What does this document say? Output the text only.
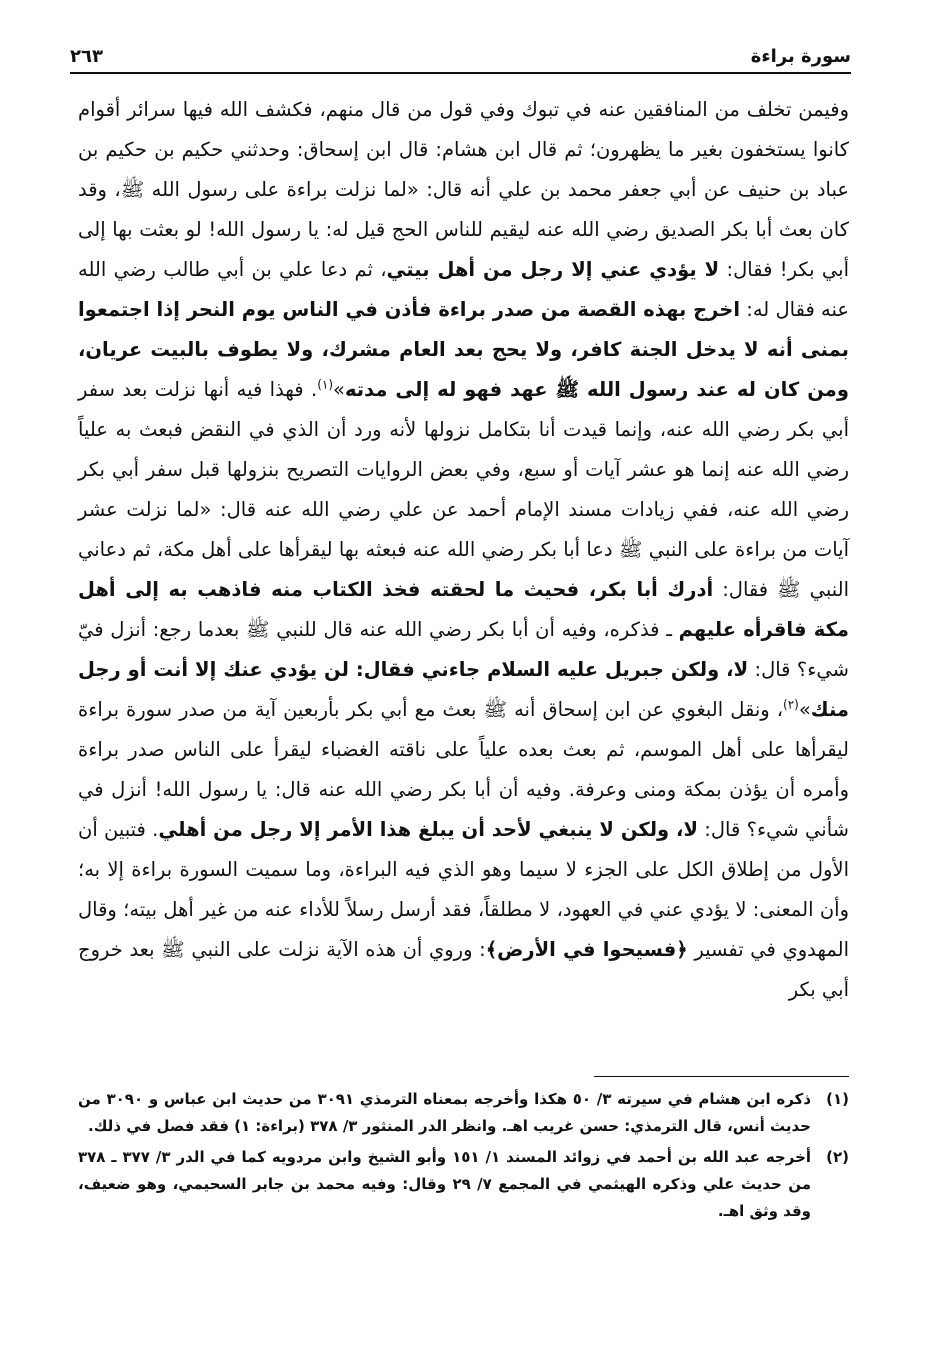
سورة براءة
٢٦٣
وفيمن تخلف من المنافقين عنه في تبوك وفي قول من قال منهم، فكشف الله فيها سرائر أقوام كانوا يستخفون بغير ما يظهرون؛ ثم قال ابن هشام: قال ابن إسحاق: وحدثني حكيم بن حكيم بن عباد بن حنيف عن أبي جعفر محمد بن علي أنه قال: «لما نزلت براءة على رسول الله ﷺ، وقد كان بعث أبا بكر الصديق رضي الله عنه ليقيم للناس الحج قيل له: يا رسول الله! لو بعثت بها إلى أبي بكر! فقال: لا يؤدي عني إلا رجل من أهل بيتي، ثم دعا علي بن أبي طالب رضي الله عنه فقال له: اخرج بهذه القصة من صدر براءة فأذن في الناس يوم النحر إذا اجتمعوا بمنى أنه لا يدخل الجنة كافر، ولا يحج بعد العام مشرك، ولا يطوف بالبيت عريان، ومن كان له عند رسول الله ﷺ عهد فهو له إلى مدته»$^{(١)}$. فهذا فيه أنها نزلت بعد سفر أبي بكر رضي الله عنه، وإنما قيدت أنا بتكامل نزولها لأنه ورد أن الذي في النقض فبعث به علياً رضي الله عنه إنما هو عشر آيات أو سبع، وفي بعض الروايات التصريح بنزولها قبل سفر أبي بكر رضي الله عنه، ففي زيادات مسند الإمام أحمد عن علي رضي الله عنه قال: «لما نزلت عشر آيات من براءة على النبي ﷺ دعا أبا بكر رضي الله عنه فبعثه بها ليقرأها على أهل مكة، ثم دعاني النبي ﷺ فقال: أدرك أبا بكر، فحيث ما لحقته فخذ الكتاب منه فاذهب به إلى أهل مكة فاقرأه عليهم ـ فذكره، وفيه أن أبا بكر رضي الله عنه قال للنبي ﷺ بعدما رجع: أنزل فيّ شيء؟ قال: لا، ولكن جبريل عليه السلام جاءني فقال: لن يؤدي عنك إلا أنت أو رجل منك»$^{(٢)}$، ونقل البغوي عن ابن إسحاق أنه ﷺ بعث مع أبي بكر بأربعين آية من صدر سورة براءة ليقرأها على أهل الموسم، ثم بعث بعده علياً على ناقته الغضباء ليقرأ على الناس صدر براءة وأمره أن يؤذن بمكة ومنى وعرفة. وفيه أن أبا بكر رضي الله عنه قال: يا رسول الله! أنزل في شأني شيء؟ قال: لا، ولكن لا ينبغي لأحد أن يبلغ هذا الأمر إلا رجل من أهلي. فتبين أن الأول من إطلاق الكل على الجزء لا سيما وهو الذي فيه البراءة، وما سميت السورة براءة إلا به؛ وأن المعنى: لا يؤدي عني في العهود، لا مطلقاً، فقد أرسل رسلاً للأداء عنه من غير أهل بيته؛ وقال المهدوي في تفسير ﴿فسيحوا في الأرض﴾: وروي أن هذه الآية نزلت على النبي ﷺ بعد خروج أبي بكر
(١)
ذكره ابن هشام في سيرته ٣/ ٥٠ هكذا وأخرجه بمعناه الترمذي ٣٠٩١ من حديث ابن عباس و ٣٠٩٠ من حديث أنس، قال الترمذي: حسن غريب اهـ. وانظر الدر المنثور ٣/ ٣٧٨ (براءة: ١) فقد فصل في ذلك.
(٢)
أخرجه عبد الله بن أحمد في زوائد المسند ١/ ١٥١ وأبو الشيخ وابن مردويه كما في الدر ٣/ ٣٧٧ ـ ٣٧٨ من حديث علي وذكره الهيثمي في المجمع ٧/ ٢٩ وقال: وفيه محمد بن جابر السحيمي، وهو ضعيف، وقد وثق اهـ.
